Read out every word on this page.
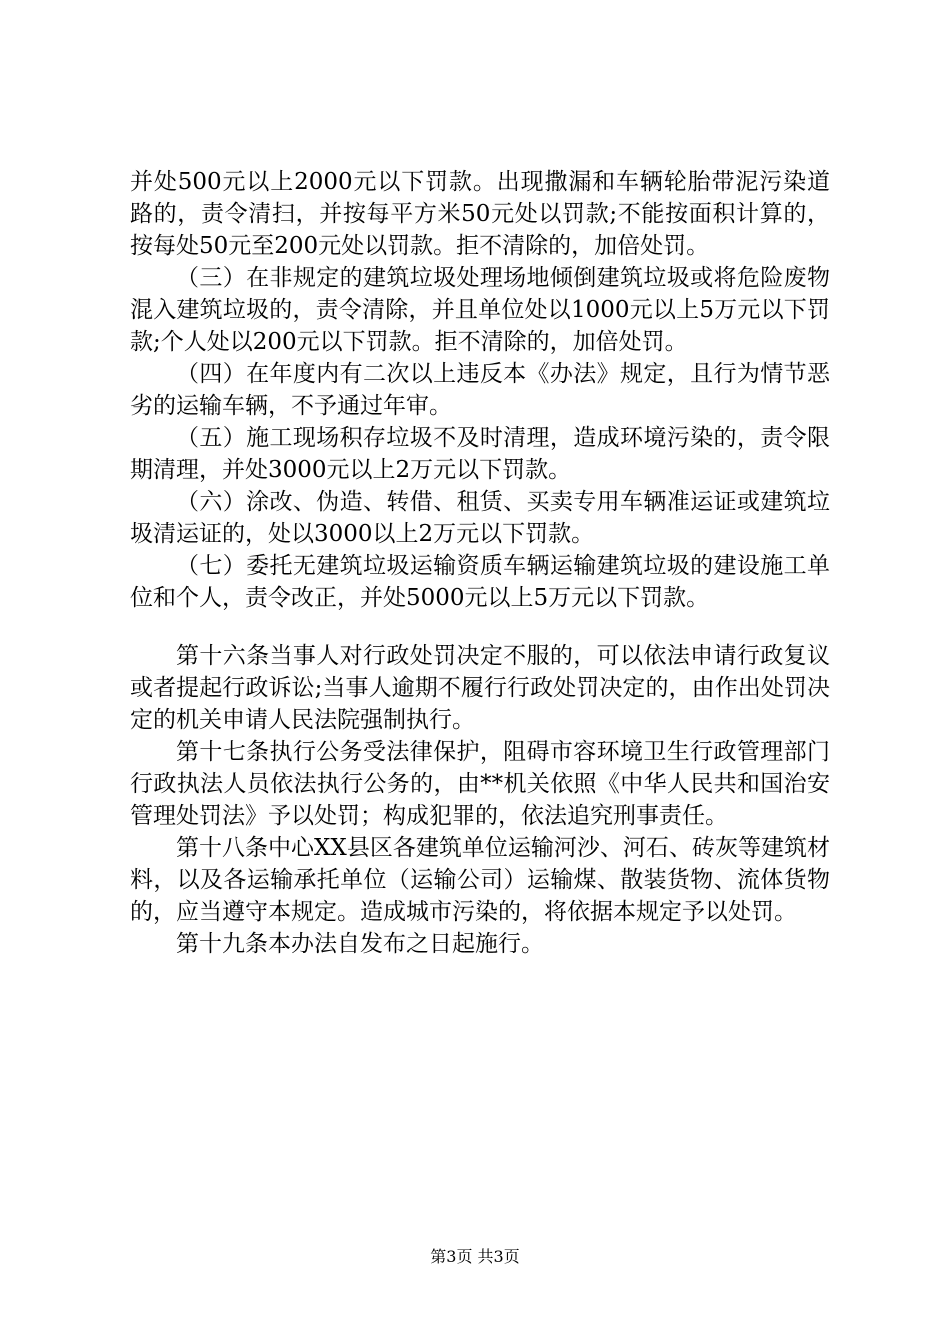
并处500元以上2000元以下罚款。出现撒漏和车辆轮胎带泥污染道路的，责令清扫，并按每平方米50元处以罚款;不能按面积计算的，按每处50元至200元处以罚款。拒不清除的，加倍处罚。

（三）在非规定的建筑垃圾处理场地倾倒建筑垃圾或将危险废物混入建筑垃圾的，责令清除，并且单位处以1000元以上5万元以下罚款;个人处以200元以下罚款。拒不清除的，加倍处罚。

（四）在年度内有二次以上违反本《办法》规定，且行为情节恶劣的运输车辆，不予通过年审。

（五）施工现场积存垃圾不及时清理，造成环境污染的，责令限期清理，并处3000元以上2万元以下罚款。

（六）涂改、伪造、转借、租赁、买卖专用车辆准运证或建筑垃圾清运证的，处以3000以上2万元以下罚款。

（七）委托无建筑垃圾运输资质车辆运输建筑垃圾的建设施工单位和个人，责令改正，并处5000元以上5万元以下罚款。

第十六条当事人对行政处罚决定不服的，可以依法申请行政复议或者提起行政诉讼;当事人逾期不履行行政处罚决定的，由作出处罚决定的机关申请人民法院强制执行。

第十七条执行公务受法律保护，阻碍市容环境卫生行政管理部门行政执法人员依法执行公务的，由**机关依照《中华人民共和国治安管理处罚法》予以处罚；构成犯罪的，依法追究刑事责任。

第十八条中心XX县区各建筑单位运输河沙、河石、砖灰等建筑材料，以及各运输承托单位（运输公司）运输煤、散装货物、流体货物的，应当遵守本规定。造成城市污染的，将依据本规定予以处罚。

第十九条本办法自发布之日起施行。

第3页 共3页
